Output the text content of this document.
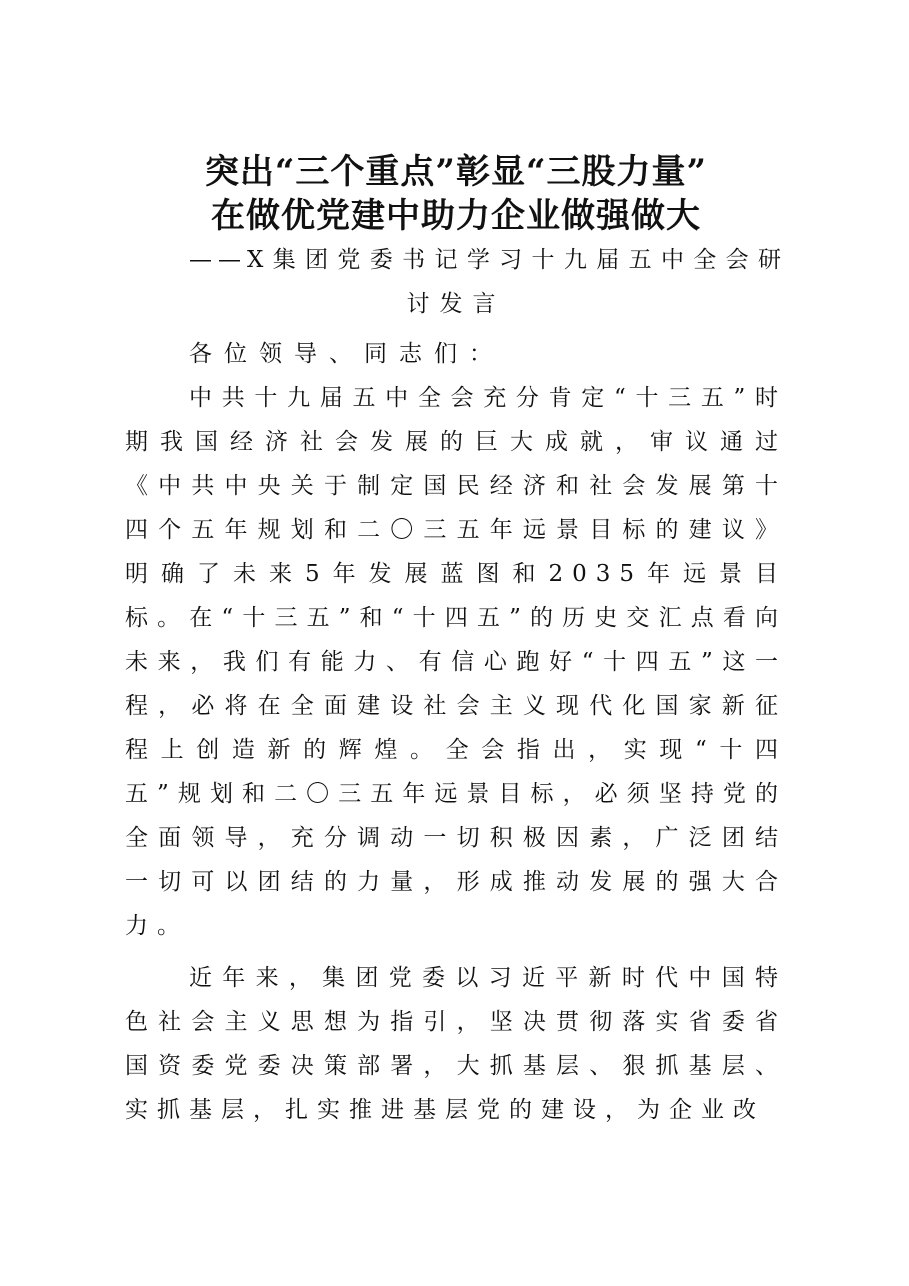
突出“三个重点”彰显“三股力量”
在做优党建中助力企业做强做大

——X集团党委书记学习十九届五中全会研

讨发言

各位领导、同志们：

中共十九届五中全会充分肯定“十三五”时期我国经济社会发展的巨大成就，审议通过《中共中央关于制定国民经济和社会发展第十四个五年规划和二〇三五年远景目标的建议》明确了未来5年发展蓝图和2035年远景目标。在“十三五”和“十四五”的历史交汇点看向未来，我们有能力、有信心跑好“十四五”这一程，必将在全面建设社会主义现代化国家新征程上创造新的辉煌。全会指出，实现“十四五”规划和二〇三五年远景目标，必须坚持党的全面领导，充分调动一切积极因素，广泛团结一切可以团结的力量，形成推动发展的强大合力。

近年来，集团党委以习近平新时代中国特色社会主义思想为指引，坚决贯彻落实省委省国资委党委决策部署，大抓基层、狠抓基层、实抓基层，扎实推进基层党的建设，为企业改
